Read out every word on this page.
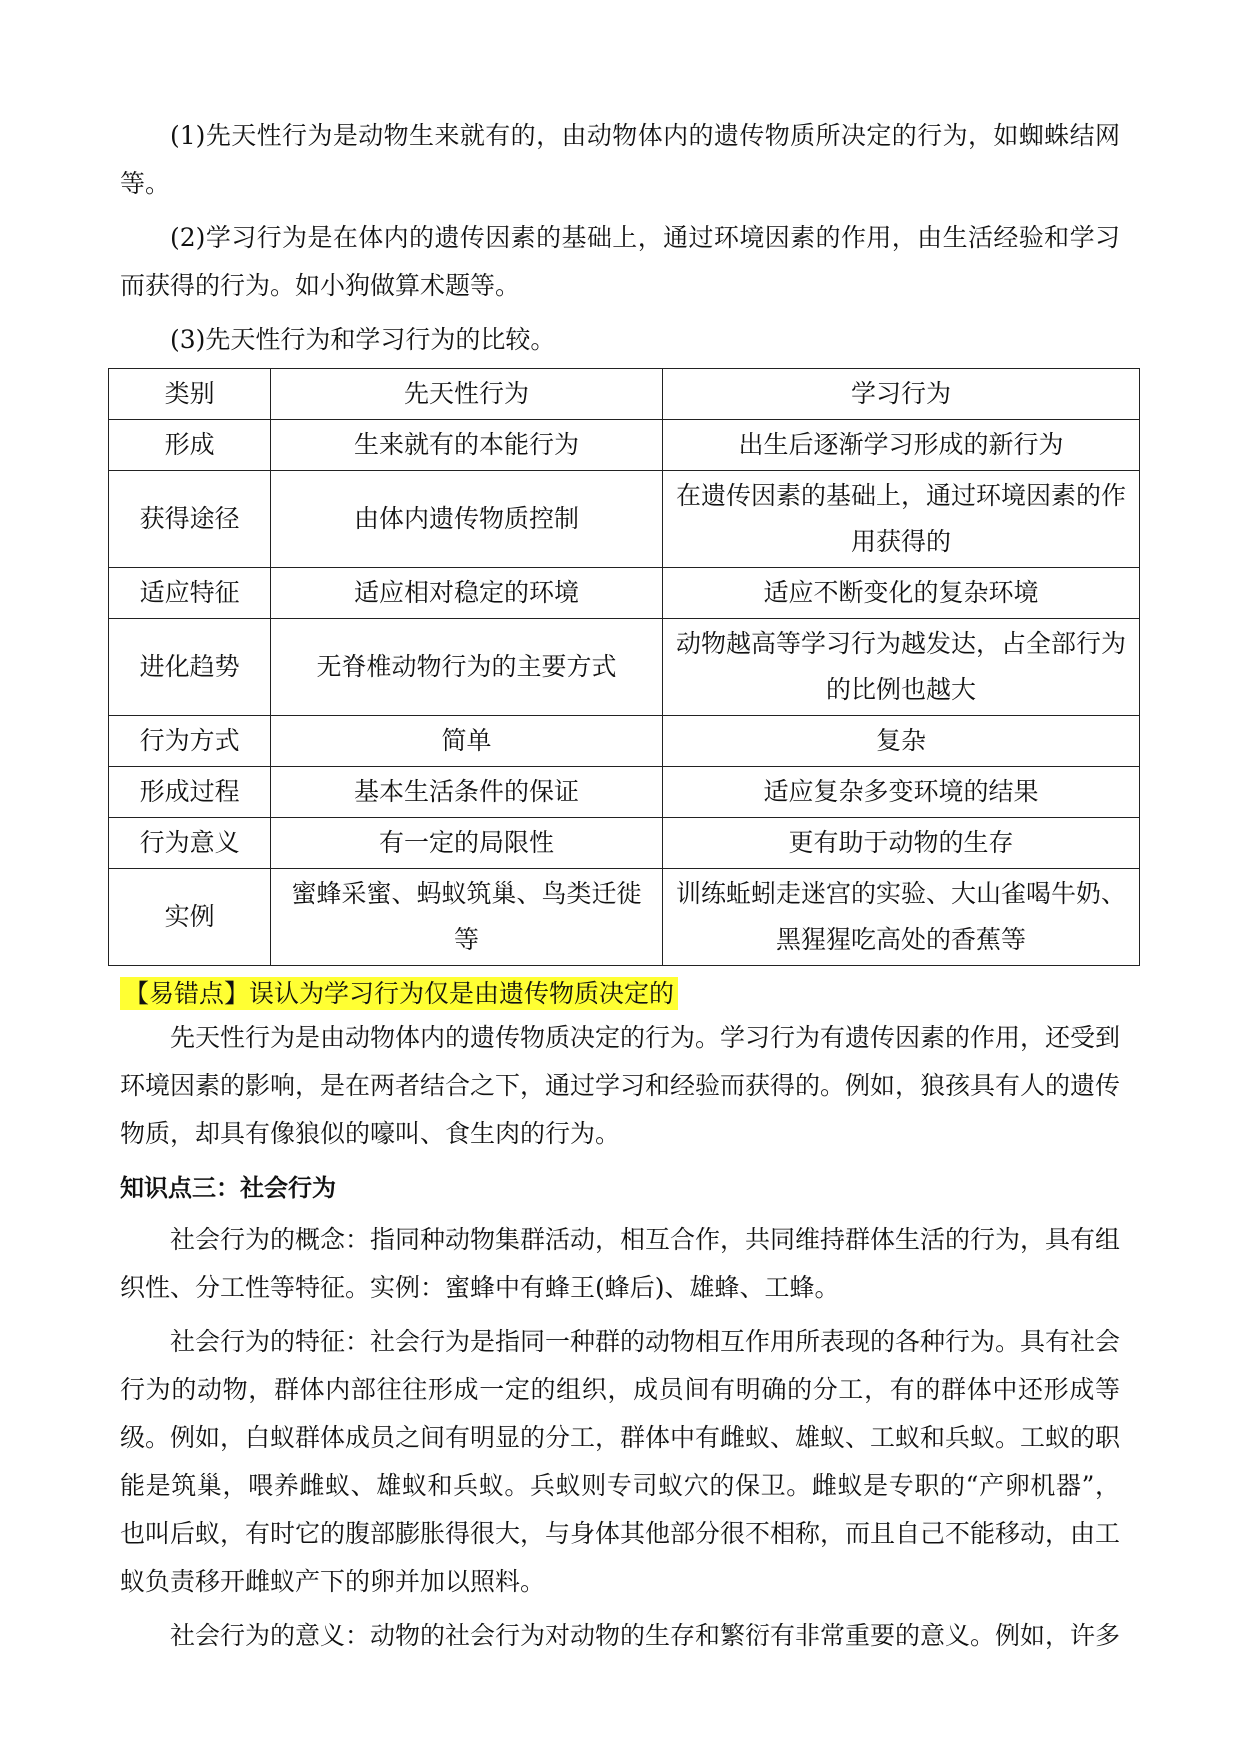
(1)先天性行为是动物生来就有的，由动物体内的遗传物质所决定的行为，如蜘蛛结网等。

(2)学习行为是在体内的遗传因素的基础上，通过环境因素的作用，由生活经验和学习而获得的行为。如小狗做算术题等。

(3)先天性行为和学习行为的比较。

类别	先天性行为	学习行为
形成	生来就有的本能行为	出生后逐渐学习形成的新行为
获得途径	由体内遗传物质控制	在遗传因素的基础上，通过环境因素的作用获得的
适应特征	适应相对稳定的环境	适应不断变化的复杂环境
进化趋势	无脊椎动物行为的主要方式	动物越高等学习行为越发达，占全部行为的比例也越大
行为方式	简单	复杂
形成过程	基本生活条件的保证	适应复杂多变环境的结果
行为意义	有一定的局限性	更有助于动物的生存
实例	蜜蜂采蜜、蚂蚁筑巢、鸟类迁徙等	训练蚯蚓走迷宫的实验、大山雀喝牛奶、黑猩猩吃高处的香蕉等
【易错点】误认为学习行为仅是由遗传物质决定的

先天性行为是由动物体内的遗传物质决定的行为。学习行为有遗传因素的作用，还受到环境因素的影响，是在两者结合之下，通过学习和经验而获得的。例如，狼孩具有人的遗传物质，却具有像狼似的嚎叫、食生肉的行为。

知识点三：社会行为

社会行为的概念：指同种动物集群活动，相互合作，共同维持群体生活的行为，具有组织性、分工性等特征。实例：蜜蜂中有蜂王(蜂后)、雄蜂、工蜂。

社会行为的特征：社会行为是指同一种群的动物相互作用所表现的各种行为。具有社会行为的动物，群体内部往往形成一定的组织，成员间有明确的分工，有的群体中还形成等级。例如，白蚁群体成员之间有明显的分工，群体中有雌蚁、雄蚁、工蚁和兵蚁。工蚁的职能是筑巢，喂养雌蚁、雄蚁和兵蚁。兵蚁则专司蚁穴的保卫。雌蚁是专职的“产卵机器”，也叫后蚁，有时它的腹部膨胀得很大，与身体其他部分很不相称，而且自己不能移动，由工蚁负责移开雌蚁产下的卵并加以照料。

社会行为的意义：动物的社会行为对动物的生存和繁衍有非常重要的意义。例如，许多
